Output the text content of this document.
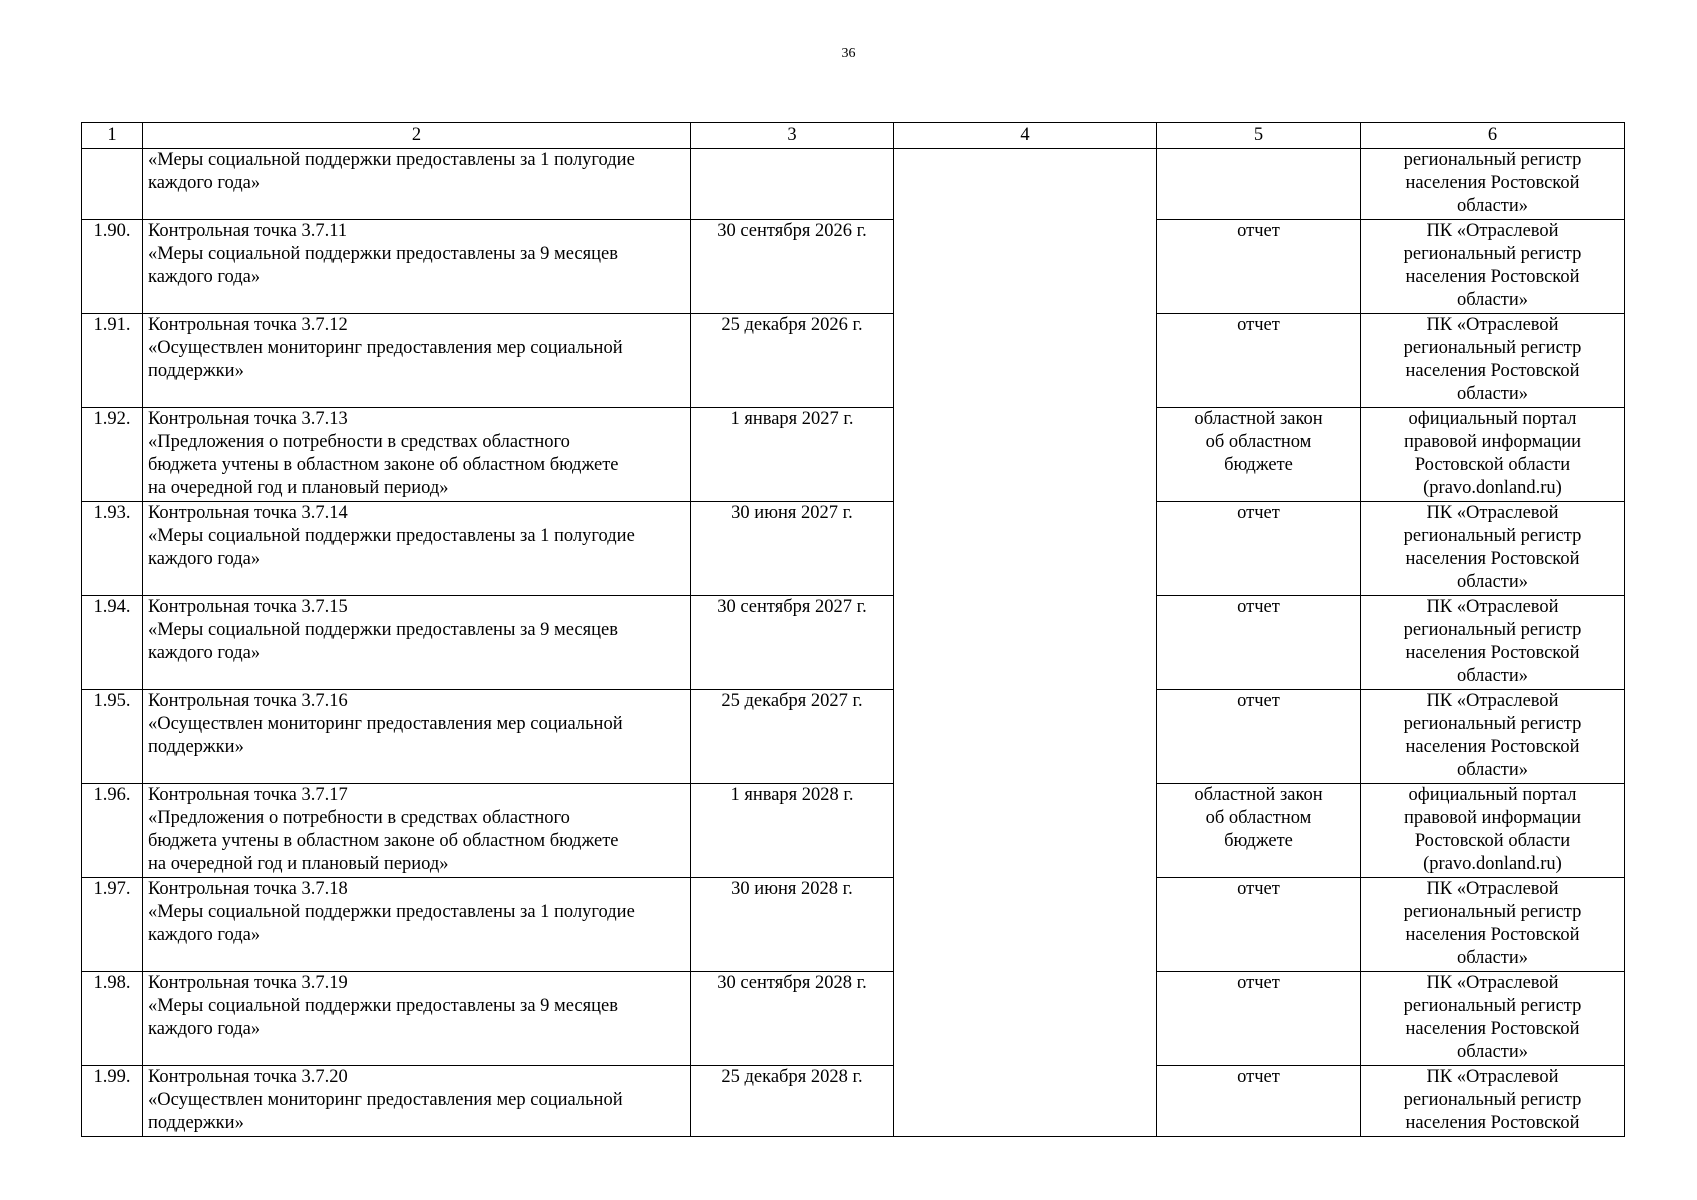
36
1	2	3	4	5	6

	«Меры социальной поддержки предоставлены за 1 полугодие
каждого года»				региональный регистр
населения Ростовской
области»

1.90.	Контрольная точка 3.7.11
«Меры социальной поддержки предоставлены за 9 месяцев
каждого года»	30 сентября 2026 г.		отчет	ПК «Отраслевой
региональный регистр
населения Ростовской
области»

1.91.	Контрольная точка 3.7.12
«Осуществлен мониторинг предоставления мер социальной
поддержки»	25 декабря 2026 г.		отчет	ПК «Отраслевой
региональный регистр
населения Ростовской
области»

1.92.	Контрольная точка 3.7.13
«Предложения о потребности в средствах областного
бюджета учтены в областном законе об областном бюджете
на очередной год и плановый период»	1 января 2027 г.		областной закон
об областном
бюджете	официальный портал
правовой информации
Ростовской области
(pravo.donland.ru)

1.93.	Контрольная точка 3.7.14
«Меры социальной поддержки предоставлены за 1 полугодие
каждого года»	30 июня 2027 г.		отчет	ПК «Отраслевой
региональный регистр
населения Ростовской
области»

1.94.	Контрольная точка 3.7.15
«Меры социальной поддержки предоставлены за 9 месяцев
каждого года»	30 сентября 2027 г.		отчет	ПК «Отраслевой
региональный регистр
населения Ростовской
области»

1.95.	Контрольная точка 3.7.16
«Осуществлен мониторинг предоставления мер социальной
поддержки»	25 декабря 2027 г.		отчет	ПК «Отраслевой
региональный регистр
населения Ростовской
области»

1.96.	Контрольная точка 3.7.17
«Предложения о потребности в средствах областного
бюджета учтены в областном законе об областном бюджете
на очередной год и плановый период»	1 января 2028 г.		областной закон
об областном
бюджете	официальный портал
правовой информации
Ростовской области
(pravo.donland.ru)

1.97.	Контрольная точка 3.7.18
«Меры социальной поддержки предоставлены за 1 полугодие
каждого года»	30 июня 2028 г.		отчет	ПК «Отраслевой
региональный регистр
населения Ростовской
области»

1.98.	Контрольная точка 3.7.19
«Меры социальной поддержки предоставлены за 9 месяцев
каждого года»	30 сентября 2028 г.		отчет	ПК «Отраслевой
региональный регистр
населения Ростовской
области»

1.99.	Контрольная точка 3.7.20
«Осуществлен мониторинг предоставления мер социальной
поддержки»	25 декабря 2028 г.		отчет	ПК «Отраслевой
региональный регистр
населения Ростовской
